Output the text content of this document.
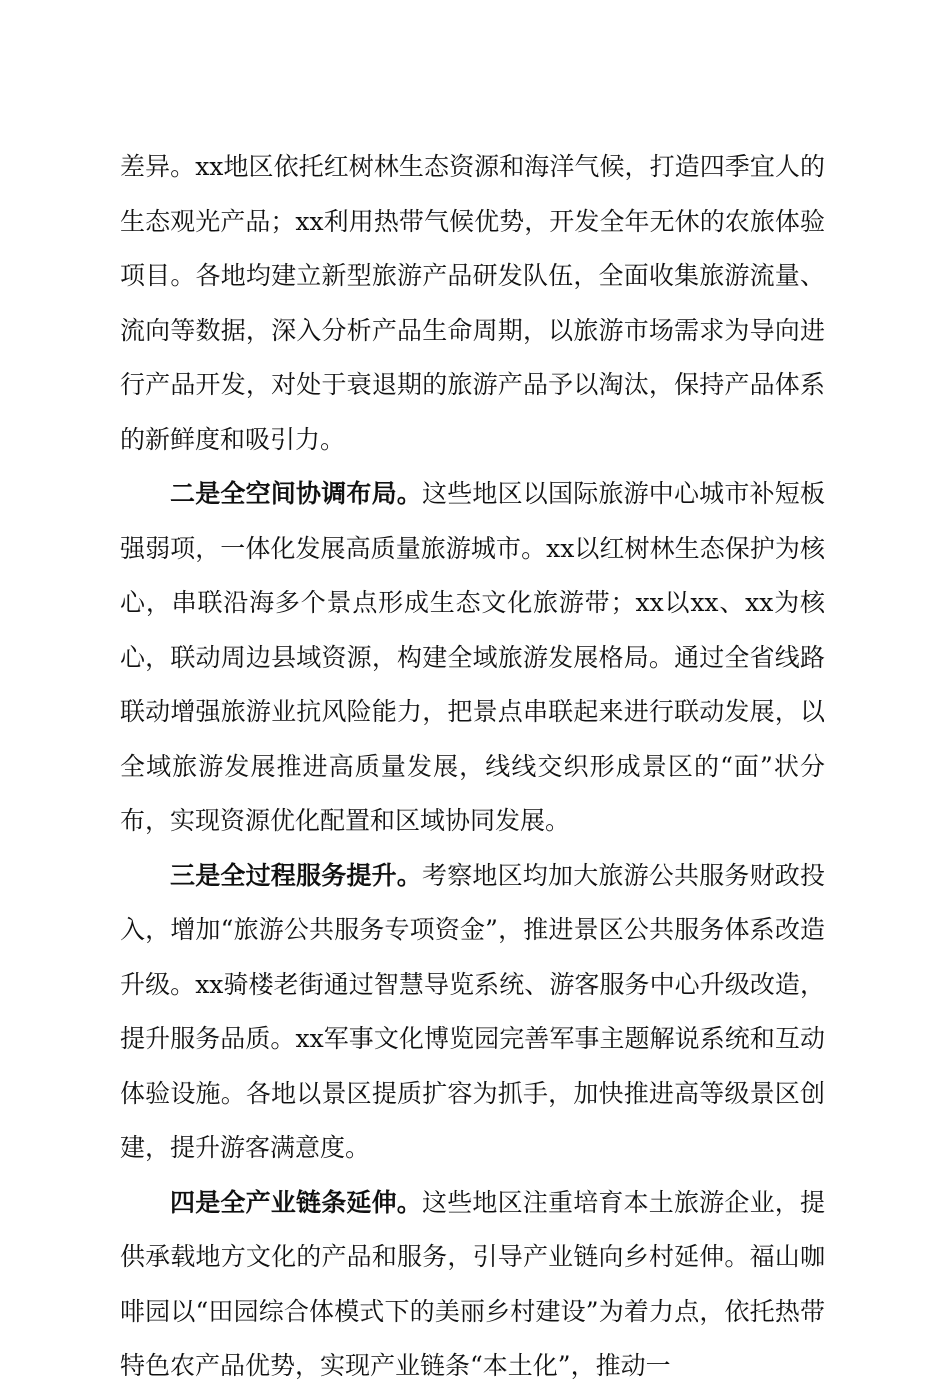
差异。xx地区依托红树林生态资源和海洋气候，打造四季宜人的生态观光产品；xx利用热带气候优势，开发全年无休的农旅体验项目。各地均建立新型旅游产品研发队伍，全面收集旅游流量、流向等数据，深入分析产品生命周期，以旅游市场需求为导向进行产品开发，对处于衰退期的旅游产品予以淘汰，保持产品体系的新鲜度和吸引力。

二是全空间协调布局。这些地区以国际旅游中心城市补短板强弱项，一体化发展高质量旅游城市。xx以红树林生态保护为核心，串联沿海多个景点形成生态文化旅游带；xx以xx、xx为核心，联动周边县域资源，构建全域旅游发展格局。通过全省线路联动增强旅游业抗风险能力，把景点串联起来进行联动发展，以全域旅游发展推进高质量发展，线线交织形成景区的“面”状分布，实现资源优化配置和区域协同发展。

三是全过程服务提升。考察地区均加大旅游公共服务财政投入，增加“旅游公共服务专项资金”，推进景区公共服务体系改造升级。xx骑楼老街通过智慧导览系统、游客服务中心升级改造，提升服务品质。xx军事文化博览园完善军事主题解说系统和互动体验设施。各地以景区提质扩容为抓手，加快推进高等级景区创建，提升游客满意度。

四是全产业链条延伸。这些地区注重培育本土旅游企业，提供承载地方文化的产品和服务，引导产业链向乡村延伸。福山咖啡园以“田园综合体模式下的美丽乡村建设”为着力点，依托热带特色农产品优势，实现产业链条“本土化”，推动一
